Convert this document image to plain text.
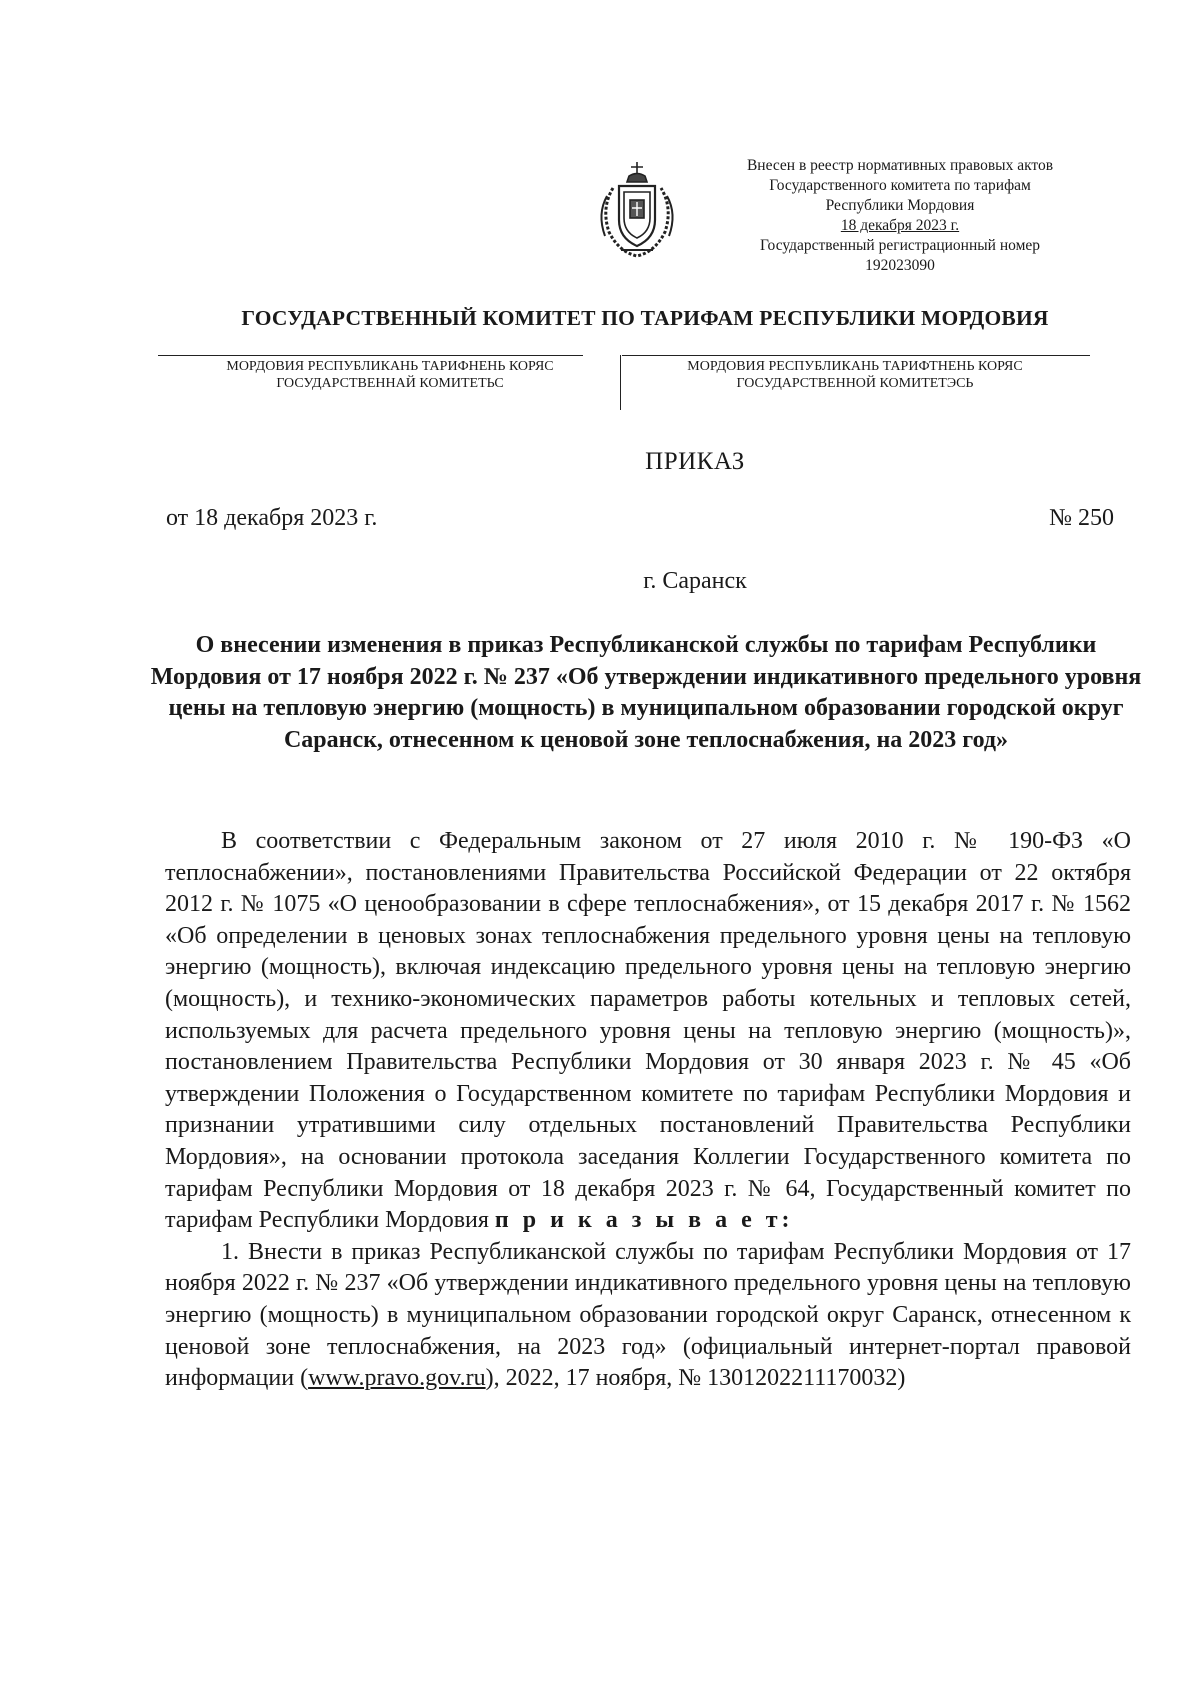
Внесен в реестр нормативных правовых актов
Государственного комитета по тарифам
Республики Мордовия
18 декабря 2023 г.
Государственный регистрационный номер
192023090
ГОСУДАРСТВЕННЫЙ КОМИТЕТ ПО ТАРИФАМ РЕСПУБЛИКИ МОРДОВИЯ
МОРДОВИЯ РЕСПУБЛИКАНЬ ТАРИФНЕНЬ КОРЯС
ГОСУДАРСТВЕННАЙ КОМИТЕТЬС
МОРДОВИЯ РЕСПУБЛИКАНЬ ТАРИФТНЕНЬ КОРЯС
ГОСУДАРСТВЕННОЙ КОМИТЕТЭСЬ
ПРИКАЗ
от 18 декабря 2023 г.	№ 250
г. Саранск
О внесении изменения в приказ Республиканской службы по тарифам Республики Мордовия от 17 ноября 2022 г. № 237 «Об утверждении индикативного предельного уровня цены на тепловую энергию (мощность) в муниципальном образовании городской округ Саранск, отнесенном к ценовой зоне теплоснабжения, на 2023 год»

В соответствии с Федеральным законом от 27 июля 2010 г. № 190-ФЗ «О теплоснабжении», постановлениями Правительства Российской Федерации от 22 октября 2012 г. № 1075 «О ценообразовании в сфере теплоснабжения», от 15 декабря 2017 г. № 1562 «Об определении в ценовых зонах теплоснабжения предельного уровня цены на тепловую энергию (мощность), включая индексацию предельного уровня цены на тепловую энергию (мощность), и технико-экономических параметров работы котельных и тепловых сетей, используемых для расчета предельного уровня цены на тепловую энергию (мощность)», постановлением Правительства Республики Мордовия от 30 января 2023 г. № 45 «Об утверждении Положения о Государственном комитете по тарифам Республики Мордовия и признании утратившими силу отдельных постановлений Правительства Республики Мордовия», на основании протокола заседания Коллегии Государственного комитета по тарифам Республики Мордовия от 18 декабря 2023 г. № 64, Государственный комитет по тарифам Республики Мордовия п р и к а з ы в а е т:

1. Внести в приказ Республиканской службы по тарифам Республики Мордовия от 17 ноября 2022 г. № 237 «Об утверждении индикативного предельного уровня цены на тепловую энергию (мощность) в муниципальном образовании городской округ Саранск, отнесенном к ценовой зоне теплоснабжения, на 2023 год» (официальный интернет-портал правовой информации (www.pravo.gov.ru), 2022, 17 ноября, № 1301202211170032)
